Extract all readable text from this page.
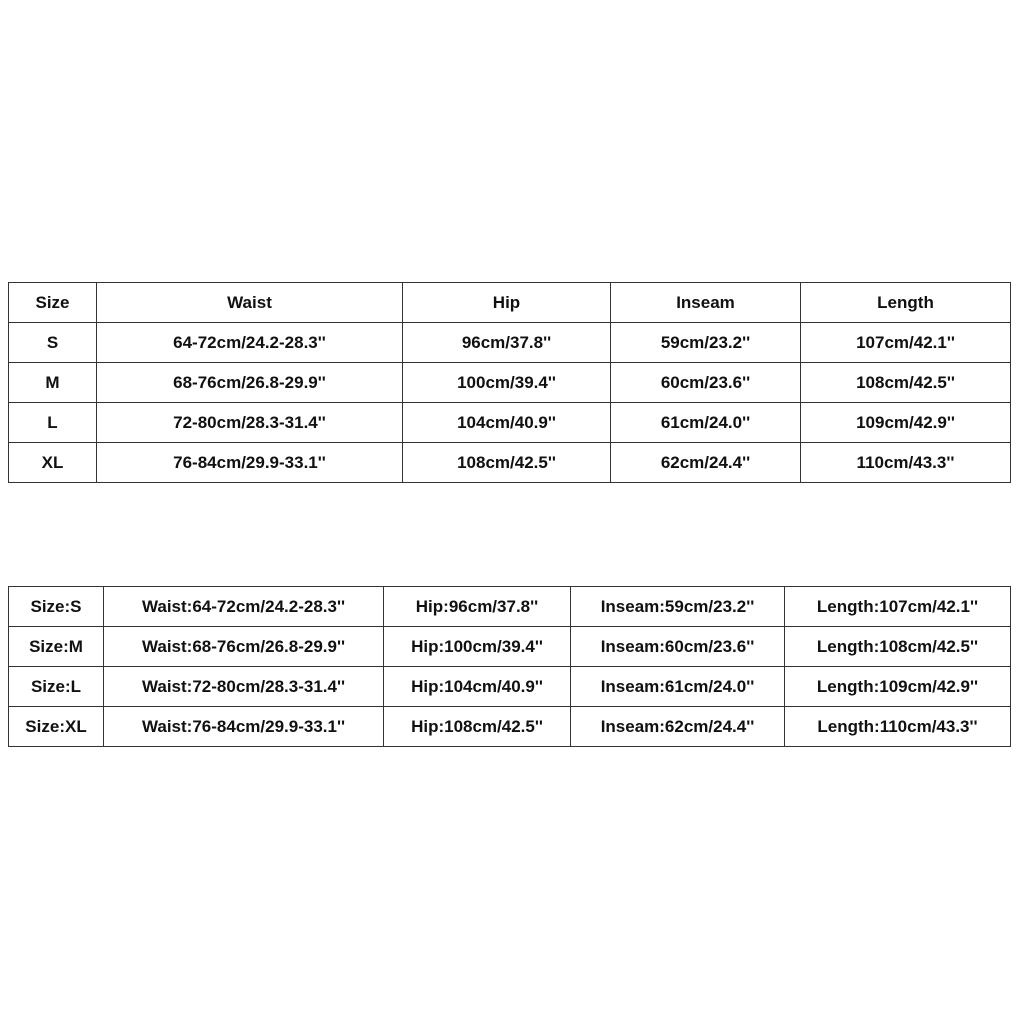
Size	Waist	Hip	Inseam	Length
S	64-72cm/24.2-28.3''	96cm/37.8''	59cm/23.2''	107cm/42.1''
M	68-76cm/26.8-29.9''	100cm/39.4''	60cm/23.6''	108cm/42.5''
L	72-80cm/28.3-31.4''	104cm/40.9''	61cm/24.0''	109cm/42.9''
XL	76-84cm/29.9-33.1''	108cm/42.5''	62cm/24.4''	110cm/43.3''
Size:S	Waist:64-72cm/24.2-28.3''	Hip:96cm/37.8''	Inseam:59cm/23.2''	Length:107cm/42.1''
Size:M	Waist:68-76cm/26.8-29.9''	Hip:100cm/39.4''	Inseam:60cm/23.6''	Length:108cm/42.5''
Size:L	Waist:72-80cm/28.3-31.4''	Hip:104cm/40.9''	Inseam:61cm/24.0''	Length:109cm/42.9''
Size:XL	Waist:76-84cm/29.9-33.1''	Hip:108cm/42.5''	Inseam:62cm/24.4''	Length:110cm/43.3''
